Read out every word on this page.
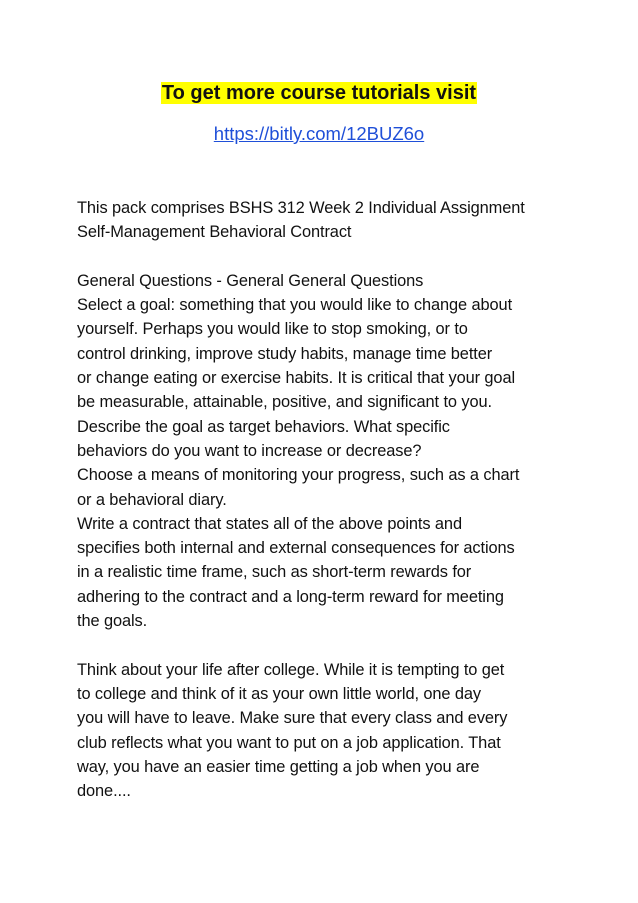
To get more course tutorials visit
https://bitly.com/12BUZ6o

This pack comprises BSHS 312 Week 2 Individual Assignment
Self-Management Behavioral Contract

General Questions - General General Questions
Select a goal: something that you would like to change about
yourself. Perhaps you would like to stop smoking, or to
control drinking, improve study habits, manage time better
or change eating or exercise habits. It is critical that your goal
be measurable, attainable, positive, and significant to you.
Describe the goal as target behaviors. What specific
behaviors do you want to increase or decrease?
Choose a means of monitoring your progress, such as a chart
or a behavioral diary.
Write a contract that states all of the above points and
specifies both internal and external consequences for actions
in a realistic time frame, such as short-term rewards for
adhering to the contract and a long-term reward for meeting
the goals.

Think about your life after college. While it is tempting to get
to college and think of it as your own little world, one day
you will have to leave. Make sure that every class and every
club reflects what you want to put on a job application. That
way, you have an easier time getting a job when you are
done....
